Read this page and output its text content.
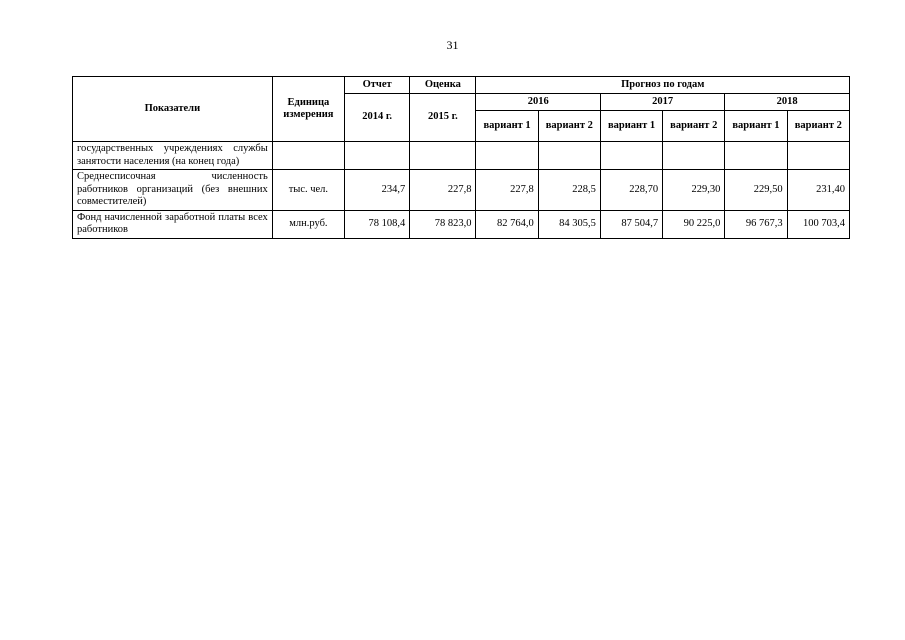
31
Показатели	Единица измерения	Отчет	Оценка	Прогноз по годам					
		2014 г.	2015 г.	2016		2017		2018	
				вариант 1	вариант 2	вариант 1	вариант 2	вариант 1	вариант 2
государственных учреждениях службы занятости населения (на конец года)									
Среднесписочная численность работников организаций (без внешних совместителей)	тыс. чел.	234,7	227,8	227,8	228,5	228,70	229,30	229,50	231,40
Фонд начисленной заработной платы всех работников	млн.руб.	78 108,4	78 823,0	82 764,0	84 305,5	87 504,7	90 225,0	96 767,3	100 703,4
